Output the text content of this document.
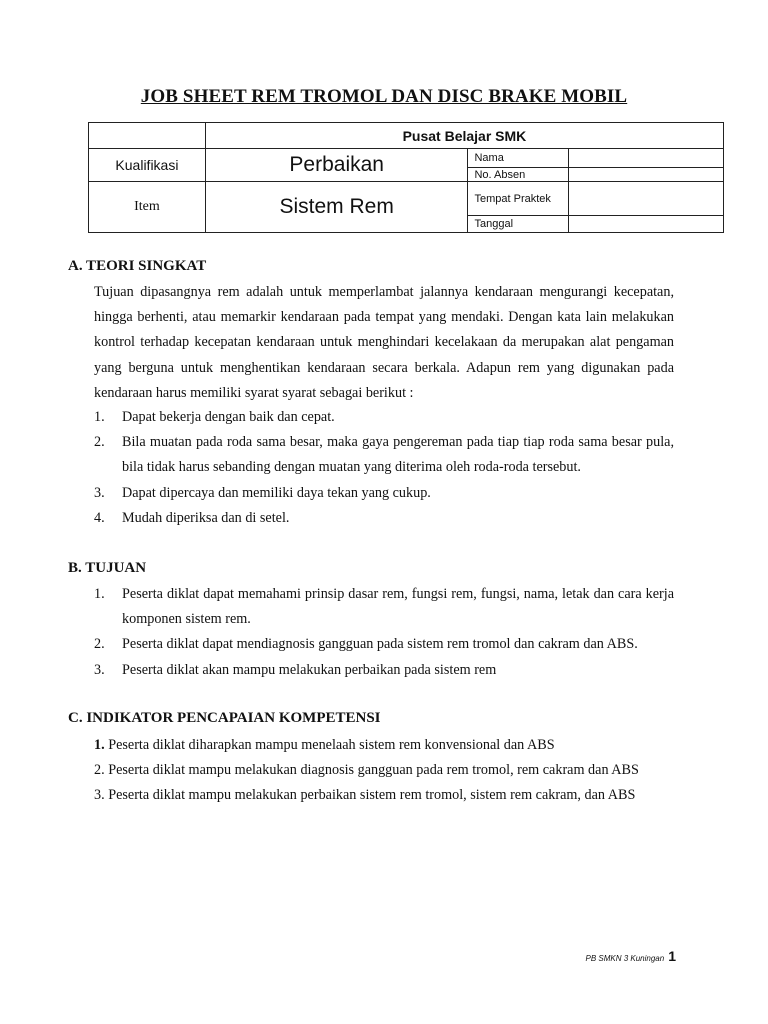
JOB SHEET REM TROMOL DAN DISC BRAKE MOBIL
	Pusat Belajar SMK		
Kualifikasi	Perbaikan	Nama	
		No. Absen	
Item	Sistem Rem	Tempat Praktek	
		Tanggal	
A. TEORI SINGKAT
Tujuan dipasangnya rem adalah untuk memperlambat jalannya kendaraan mengurangi kecepatan, hingga berhenti, atau memarkir kendaraan pada tempat yang mendaki. Dengan kata lain melakukan kontrol terhadap kecepatan kendaraan untuk menghindari kecelakaan da merupakan alat pengaman yang berguna untuk menghentikan kendaraan secara berkala. Adapun rem yang digunakan pada kendaraan harus memiliki syarat syarat sebagai berikut :
1.	Dapat bekerja dengan baik dan cepat.
2.	Bila muatan pada roda sama besar, maka gaya pengereman pada tiap tiap roda sama besar pula, bila tidak harus sebanding dengan muatan yang diterima oleh roda-roda tersebut.
3.	Dapat dipercaya dan memiliki daya tekan yang cukup.
4.	Mudah diperiksa dan di setel.
B. TUJUAN
1.	Peserta diklat dapat memahami prinsip dasar rem, fungsi rem, fungsi, nama, letak dan cara kerja komponen sistem rem.
2.	Peserta diklat dapat mendiagnosis gangguan pada sistem rem tromol dan cakram dan ABS.
3.	Peserta diklat akan mampu melakukan perbaikan pada sistem rem
C. INDIKATOR PENCAPAIAN KOMPETENSI

1. Peserta diklat diharapkan mampu menelaah sistem rem konvensional dan ABS

2. Peserta diklat mampu melakukan diagnosis gangguan pada rem tromol, rem cakram dan ABS

3. Peserta diklat mampu melakukan perbaikan sistem rem tromol, sistem rem cakram, dan ABS

PB SMKN 3 Kuningan 1
